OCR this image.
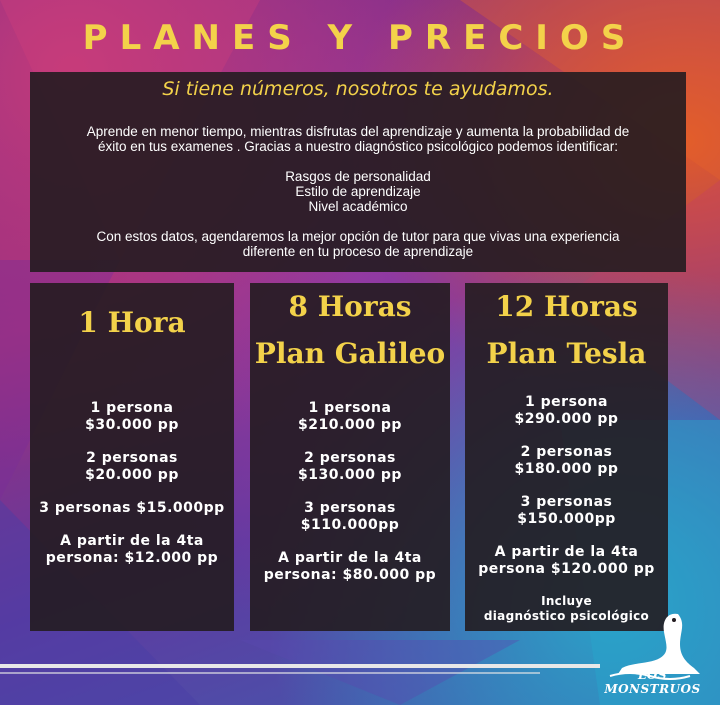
PLANES Y PRECIOS
Si tiene números, nosotros te ayudamos.
Aprende en menor tiempo, mientras disfrutas del aprendizaje y aumenta la probabilidad de
éxito en tus examenes . Gracias a nuestro diagnóstico psicológico podemos identificar:
Rasgos de personalidad
Estilo de aprendizaje
Nivel académico
Con estos datos, agendaremos la mejor opción de tutor para que vivas una experiencia
diferente en tu proceso de aprendizaje
1 Hora
1 persona
$30.000 pp
2 personas
$20.000 pp
3 personas $15.000pp
A partir de la 4ta
persona: $12.000 pp
8 Horas
Plan Galileo
1 persona
$210.000 pp
2 personas
$130.000 pp
3 personas
$110.000pp
A partir de la 4ta
persona: $80.000 pp
12 Horas
Plan Tesla
1 persona
$290.000 pp
2 personas
$180.000 pp
3 personas
$150.000pp
A partir de la 4ta
persona $120.000 pp
Incluye
diagnóstico psicológico
LOS MONSTRUOS
